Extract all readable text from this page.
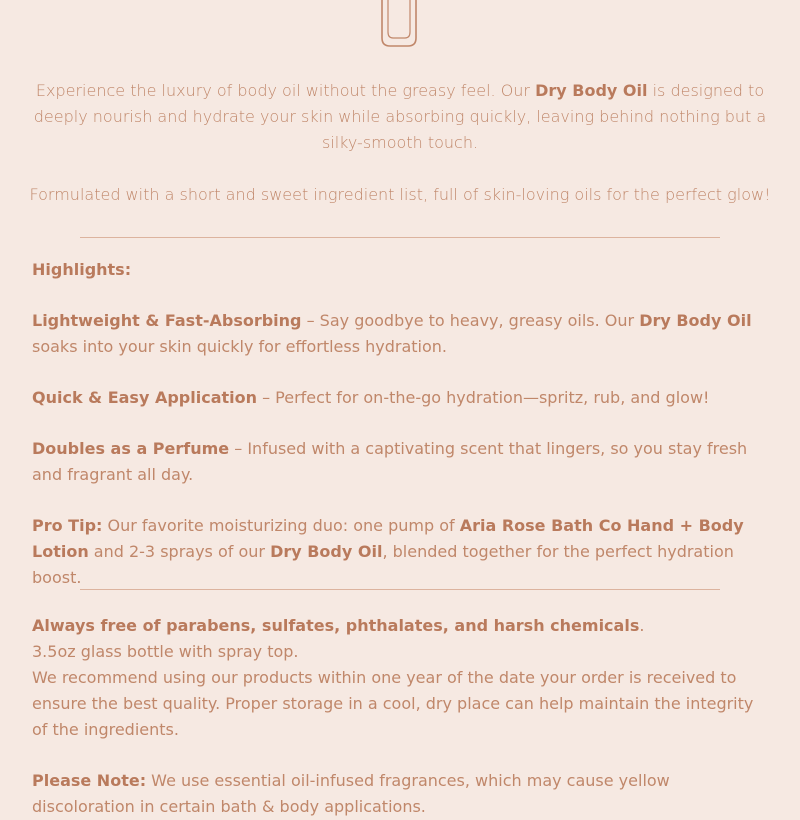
Experience the luxury of body oil without the greasy feel. Our Dry Body Oil is designed to deeply nourish and hydrate your skin while absorbing quickly, leaving behind nothing but a silky-smooth touch.

Formulated with a short and sweet ingredient list, full of skin-loving oils for the perfect glow!

Highlights:

Lightweight & Fast-Absorbing – Say goodbye to heavy, greasy oils. Our Dry Body Oil soaks into your skin quickly for effortless hydration.

Quick & Easy Application – Perfect for on-the-go hydration—spritz, rub, and glow!

Doubles as a Perfume – Infused with a captivating scent that lingers, so you stay fresh and fragrant all day.

Pro Tip: Our favorite moisturizing duo: one pump of Aria Rose Bath Co Hand + Body Lotion and 2-3 sprays of our Dry Body Oil, blended together for the perfect hydration boost.

Always free of parabens, sulfates, phthalates, and harsh chemicals.

3.5oz glass bottle with spray top.

We recommend using our products within one year of the date your order is received to ensure the best quality. Proper storage in a cool, dry place can help maintain the integrity of the ingredients.

Please Note: We use essential oil-infused fragrances, which may cause yellow discoloration in certain bath & body applications.
